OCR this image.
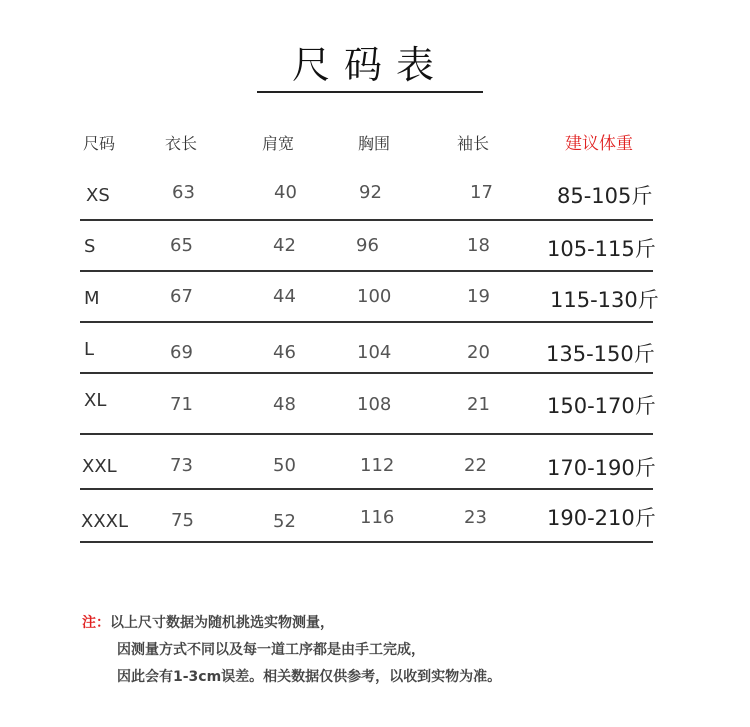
尺码表
尺码	衣长	肩宽	胸围	袖长	建议体重
XS	63	40	92	17	85-105斤
S	65	42	96	18	105-115斤
M	67	44	100	19	115-130斤
L	69	46	104	20	135-150斤
XL	71	48	108	21	150-170斤
XXL	73	50	112	22	170-190斤
XXXL 75	52	116	23	190-210斤
注：以上尺寸数据为随机挑选实物测量，
因测量方式不同以及每一道工序都是由手工完成，
因此会有1-3cm误差。相关数据仅供参考，以收到实物为准。
